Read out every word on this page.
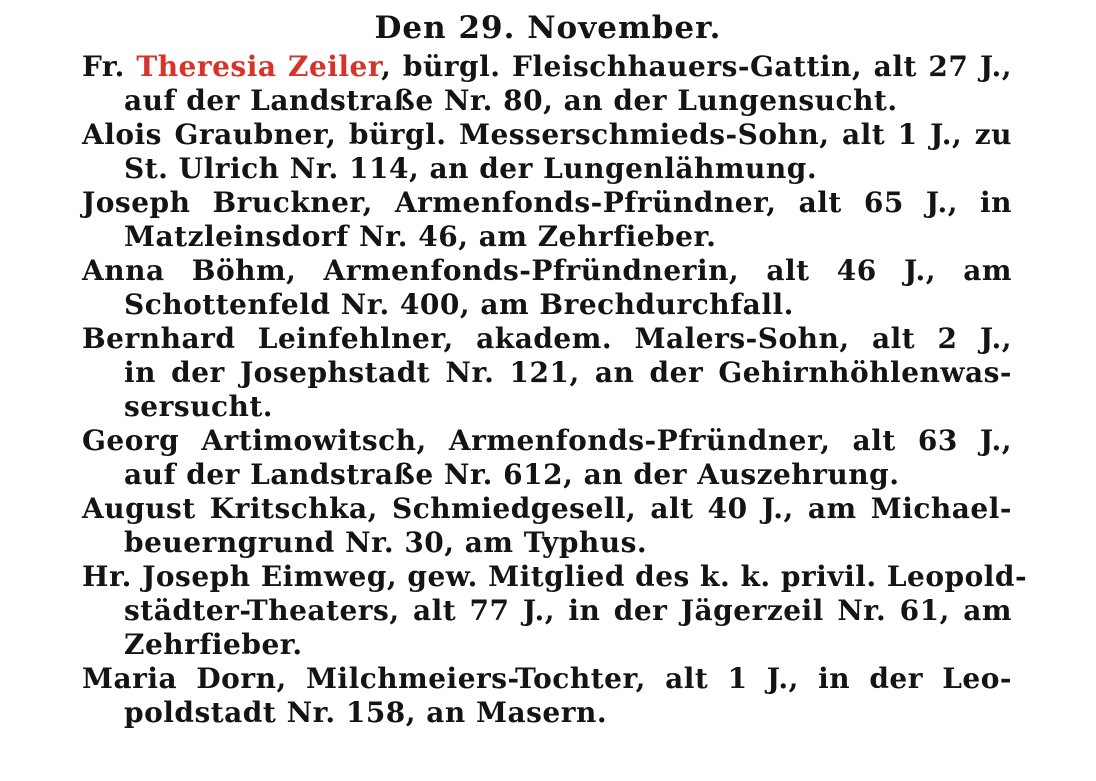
Den 29. November.
Fr. Theresia Zeiler, bürgl. Fleischhauers-Gattin, alt 27 J.,
auf der Landstraße Nr. 80, an der Lungensucht.
Alois Graubner, bürgl. Messerschmieds-Sohn, alt 1 J., zu
St. Ulrich Nr. 114, an der Lungenlähmung.
Joseph Bruckner, Armenfonds-Pfründner, alt 65 J., in
Matzleinsdorf Nr. 46, am Zehrfieber.
Anna Böhm, Armenfonds-Pfründnerin, alt 46 J., am
Schottenfeld Nr. 400, am Brechdurchfall.
Bernhard Leinfehlner, akadem. Malers-Sohn, alt 2 J.,
in der Josephstadt Nr. 121, an der Gehirnhöhlenwas-
sersucht.
Georg Artimowitsch, Armenfonds-Pfründner, alt 63 J.,
auf der Landstraße Nr. 612, an der Auszehrung.
August Kritschka, Schmiedgesell, alt 40 J., am Michael-
beuerngrund Nr. 30, am Typhus.
Hr. Joseph Eimweg, gew. Mitglied des k. k. privil. Leopold-
städter-Theaters, alt 77 J., in der Jägerzeil Nr. 61, am
Zehrfieber.
Maria Dorn, Milchmeiers-Tochter, alt 1 J., in der Leo-
poldstadt Nr. 158, an Masern.
